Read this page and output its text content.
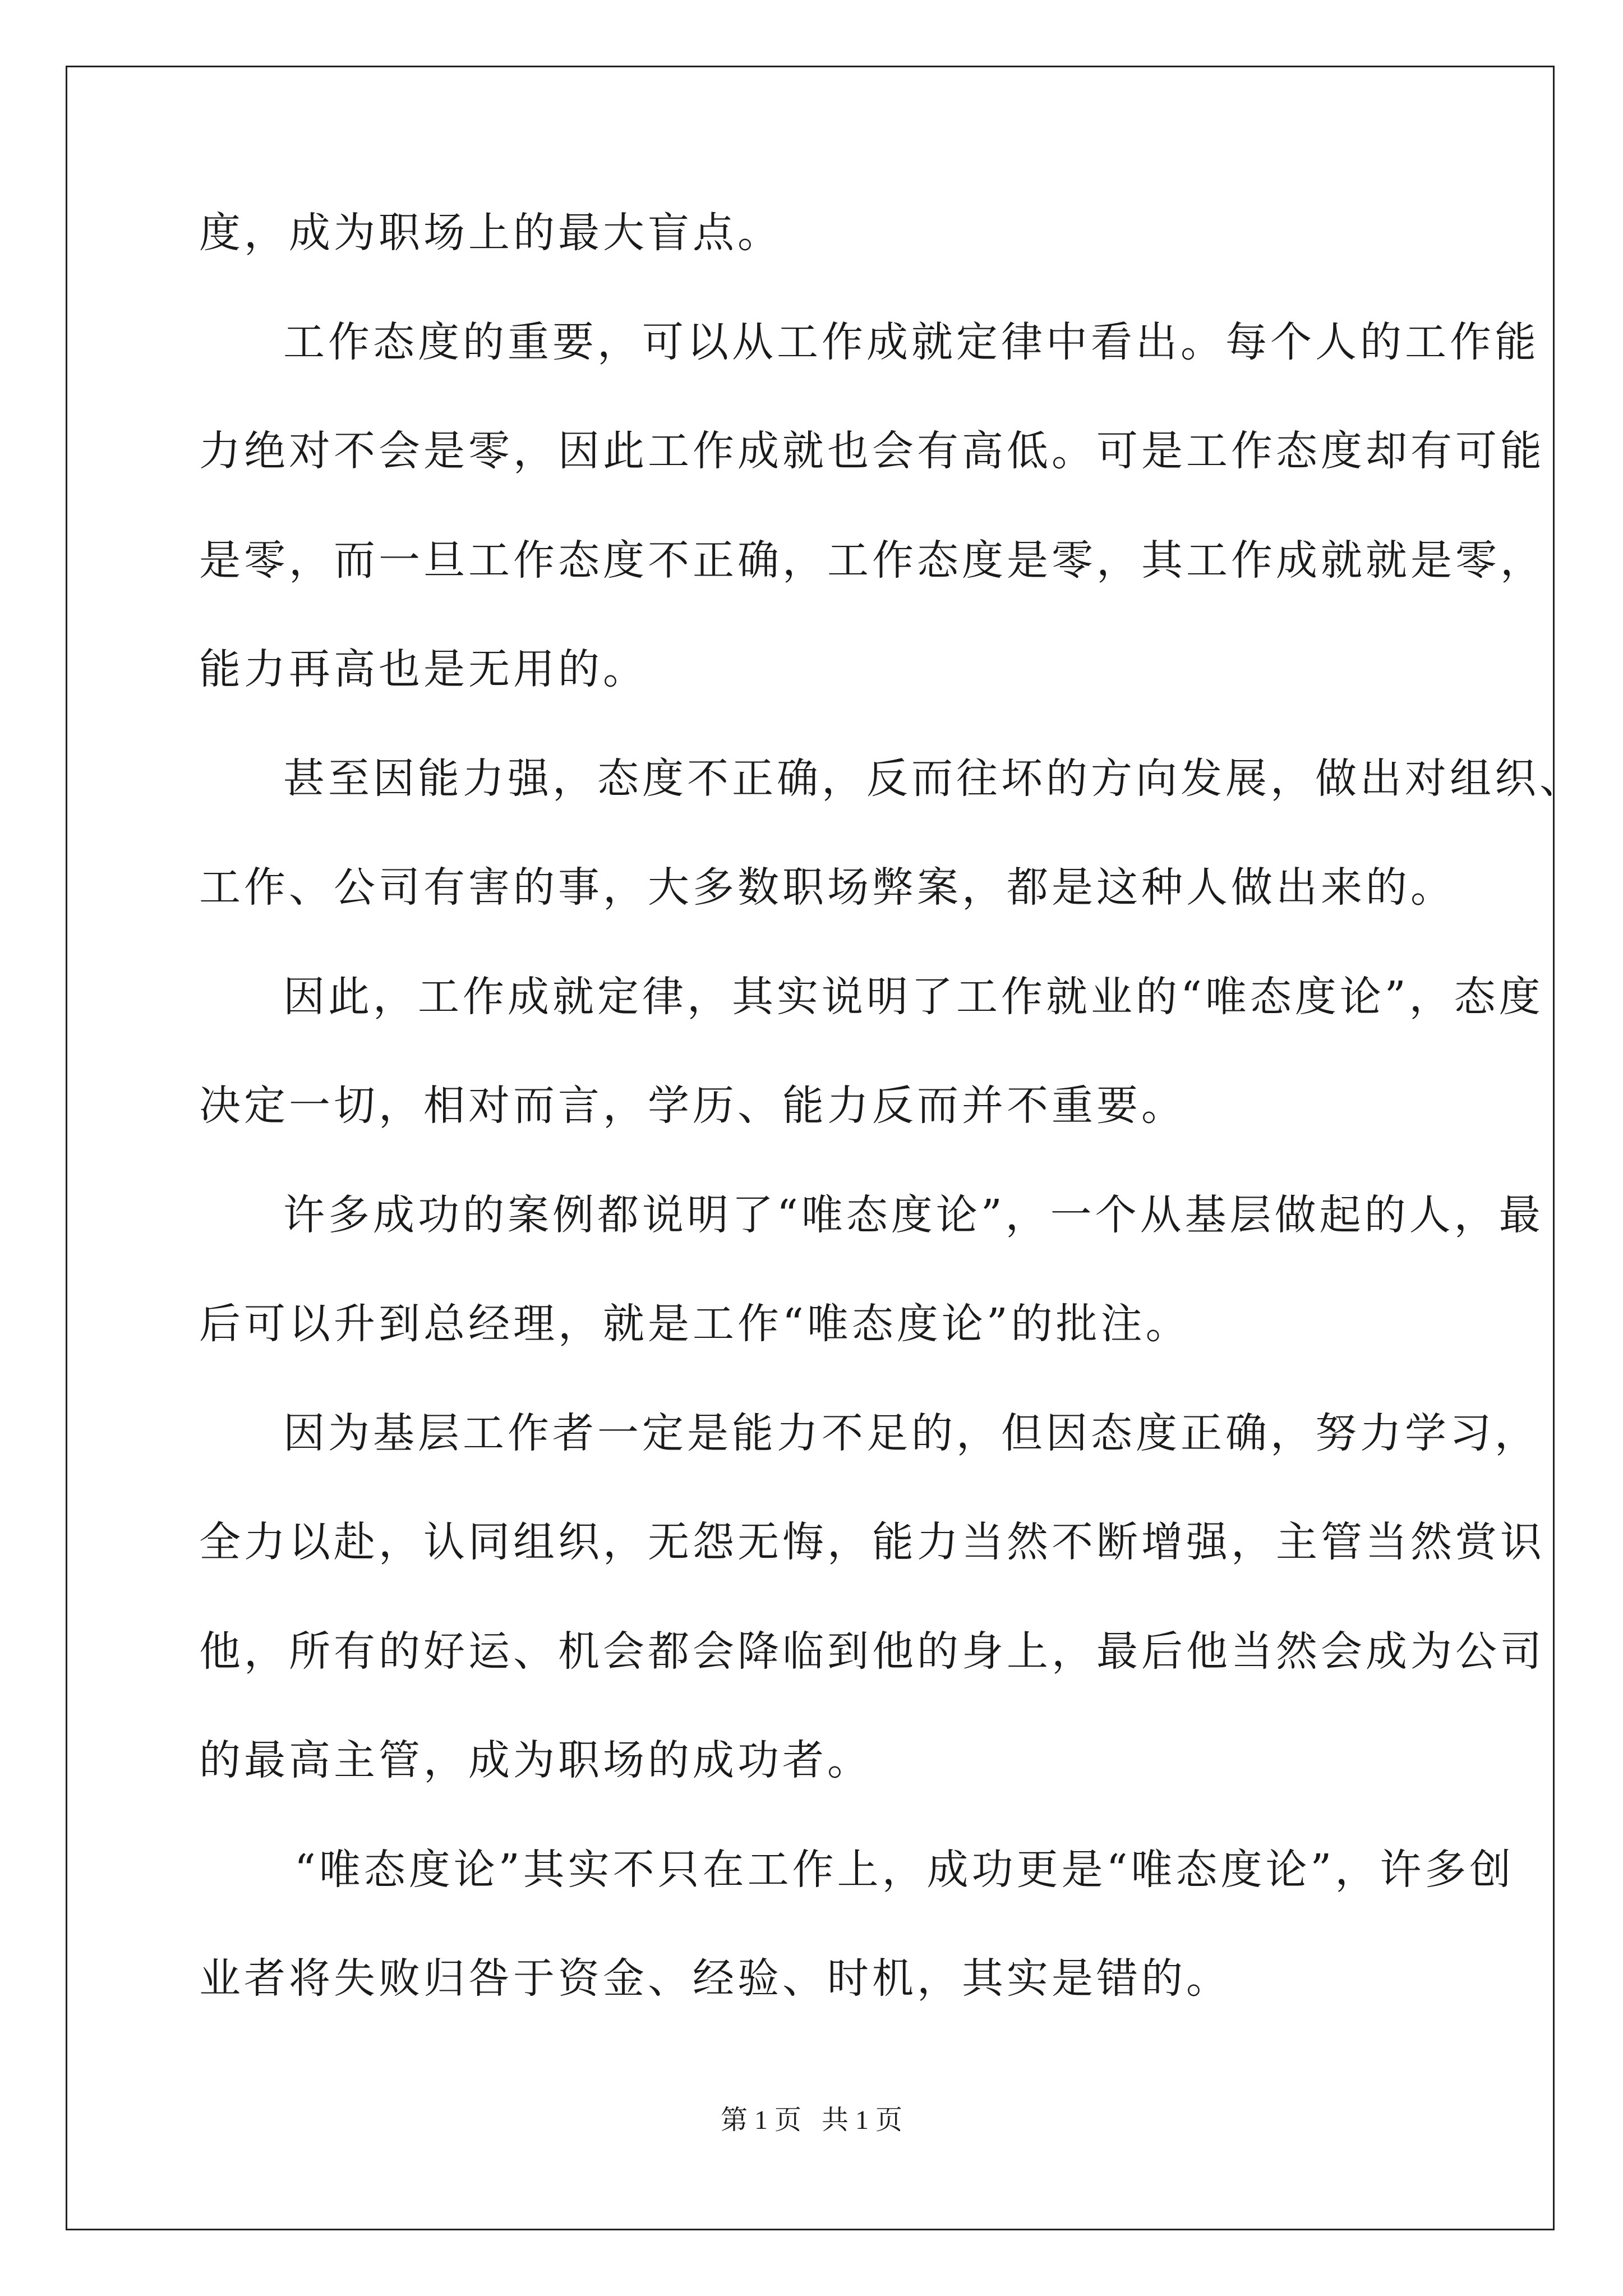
度，成为职场上的最大盲点。
工作态度的重要，可以从工作成就定律中看出。每个人的工作能
力绝对不会是零，因此工作成就也会有高低。可是工作态度却有可能
是零，而一旦工作态度不正确，工作态度是零，其工作成就就是零，
能力再高也是无用的。
甚至因能力强，态度不正确，反而往坏的方向发展，做出对组织、
工作、公司有害的事，大多数职场弊案，都是这种人做出来的。
因此，工作成就定律，其实说明了工作就业的“唯态度论”，态度
决定一切，相对而言，学历、能力反而并不重要。
许多成功的案例都说明了“唯态度论”，一个从基层做起的人，最
后可以升到总经理，就是工作“唯态度论”的批注。
因为基层工作者一定是能力不足的，但因态度正确，努力学习，
全力以赴，认同组织，无怨无悔，能力当然不断增强，主管当然赏识
他，所有的好运、机会都会降临到他的身上，最后他当然会成为公司
的最高主管，成为职场的成功者。
“唯态度论”其实不只在工作上，成功更是“唯态度论”，许多创
业者将失败归咎于资金、经验、时机，其实是错的。
第 1 页   共 1 页
